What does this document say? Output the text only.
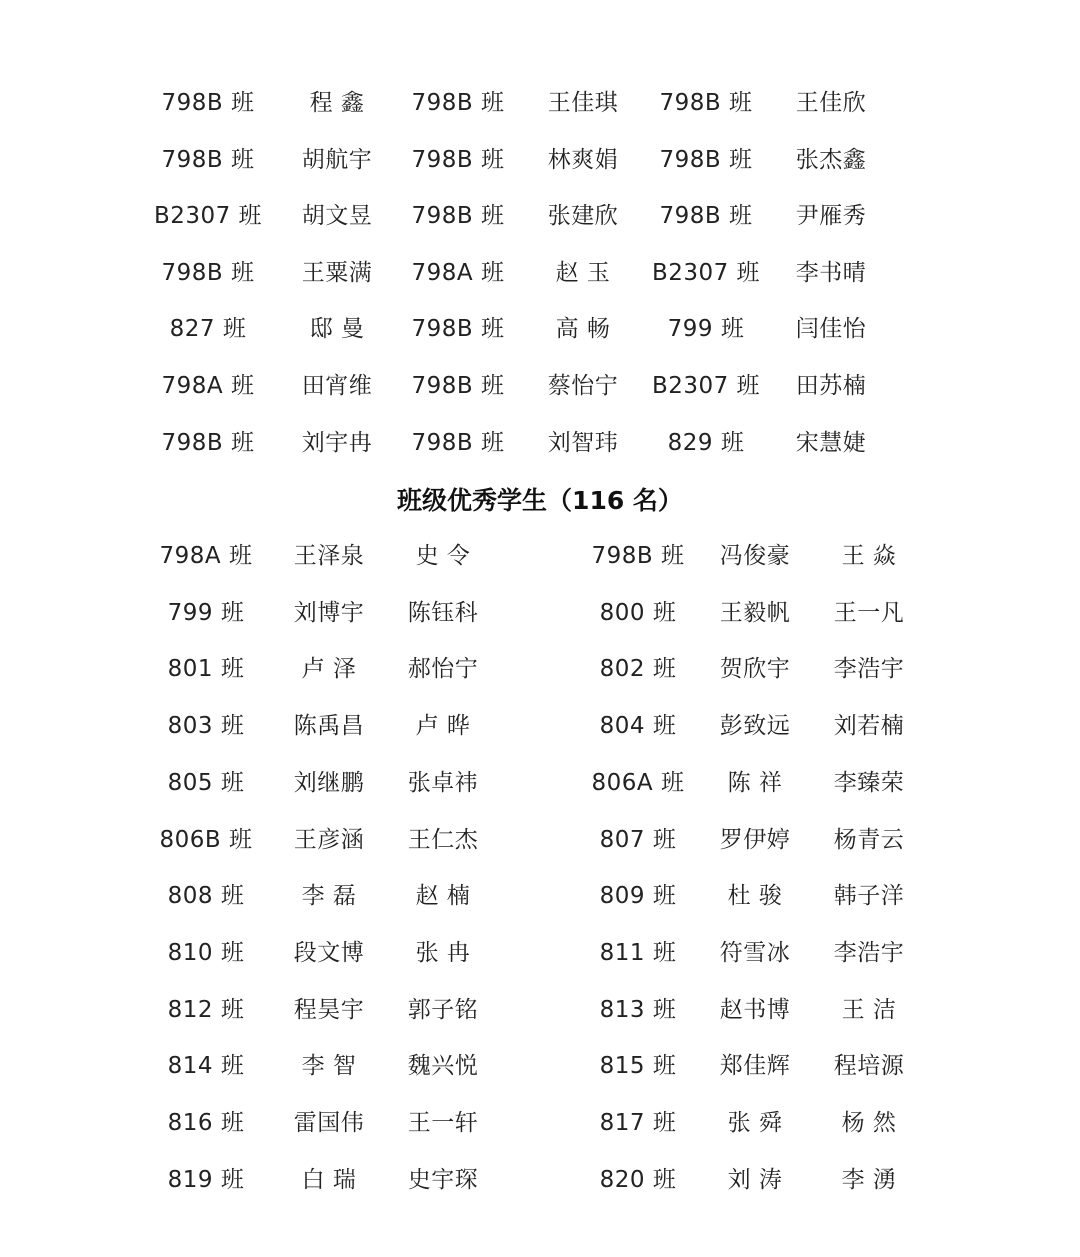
798B 班	程 鑫	798B 班	王佳琪	798B 班	王佳欣
798B 班	胡航宇	798B 班	林爽娟	798B 班	张杰鑫
B2307 班	胡文昱	798B 班	张建欣	798B 班	尹雁秀
798B 班	王粟满	798A 班	赵 玉	B2307 班	李书晴
827 班	邸 曼	798B 班	高 畅	799 班	闫佳怡
798A 班	田宵维	798B 班	蔡怡宁	B2307 班	田苏楠
798B 班	刘宇冉	798B 班	刘智玮	829 班	宋慧婕
班级优秀学生（116 名）
798A 班	王泽泉	史 令	798B 班	冯俊豪	王 焱
799 班	刘博宇	陈钰科	800 班	王毅帆	王一凡
801 班	卢 泽	郝怡宁	802 班	贺欣宇	李浩宇
803 班	陈禹昌	卢 晔	804 班	彭致远	刘若楠
805 班	刘继鹏	张卓祎	806A 班	陈 祥	李臻荣
806B 班	王彦涵	王仁杰	807 班	罗伊婷	杨青云
808 班	李 磊	赵 楠	809 班	杜 骏	韩子洋
810 班	段文博	张 冉	811 班	符雪冰	李浩宇
812 班	程昊宇	郭子铭	813 班	赵书博	王 洁
814 班	李 智	魏兴悦	815 班	郑佳辉	程培源
816 班	雷国伟	王一轩	817 班	张 舜	杨 然
819 班	白 瑞	史宇琛	820 班	刘 涛	李 湧
